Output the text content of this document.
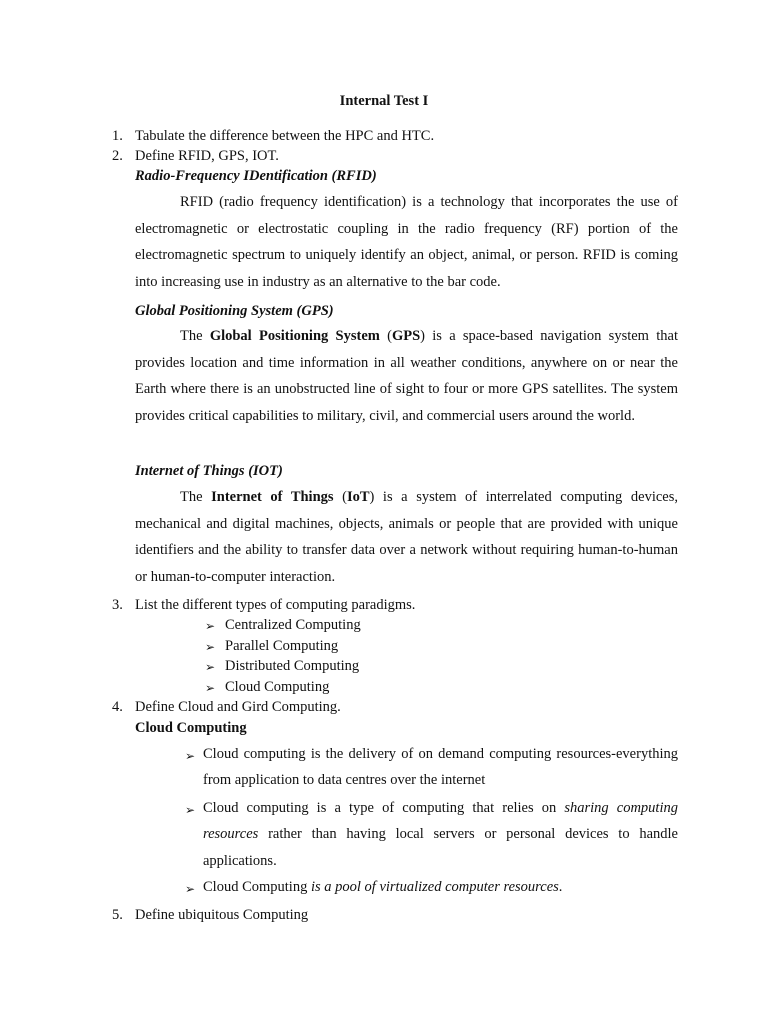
Internal Test I
1. Tabulate the difference between the HPC and HTC.
2. Define RFID, GPS, IOT.
Radio-Frequency IDentification (RFID)

RFID (radio frequency identification) is a technology that incorporates the use of electromagnetic or electrostatic coupling in the radio frequency (RF) portion of the electromagnetic spectrum to uniquely identify an object, animal, or person. RFID is coming into increasing use in industry as an alternative to the bar code.

Global Positioning System (GPS)

The Global Positioning System (GPS) is a space-based navigation system that provides location and time information in all weather conditions, anywhere on or near the Earth where there is an unobstructed line of sight to four or more GPS satellites. The system provides critical capabilities to military, civil, and commercial users around the world.

Internet of Things (IOT)

The Internet of Things (IoT) is a system of interrelated computing devices, mechanical and digital machines, objects, animals or people that are provided with unique identifiers and the ability to transfer data over a network without requiring human-to-human or human-to-computer interaction.

3. List the different types of computing paradigms.
➢ Centralized Computing
➢ Parallel Computing
➢ Distributed Computing
➢ Cloud Computing
4. Define Cloud and Gird Computing.
Cloud Computing
➢ Cloud computing is the delivery of on demand computing resources-everything from application to data centres over the internet
➢ Cloud computing is a type of computing that relies on sharing computing resources rather than having local servers or personal devices to handle applications.
➢ Cloud Computing is a pool of virtualized computer resources.
5. Define ubiquitous Computing
